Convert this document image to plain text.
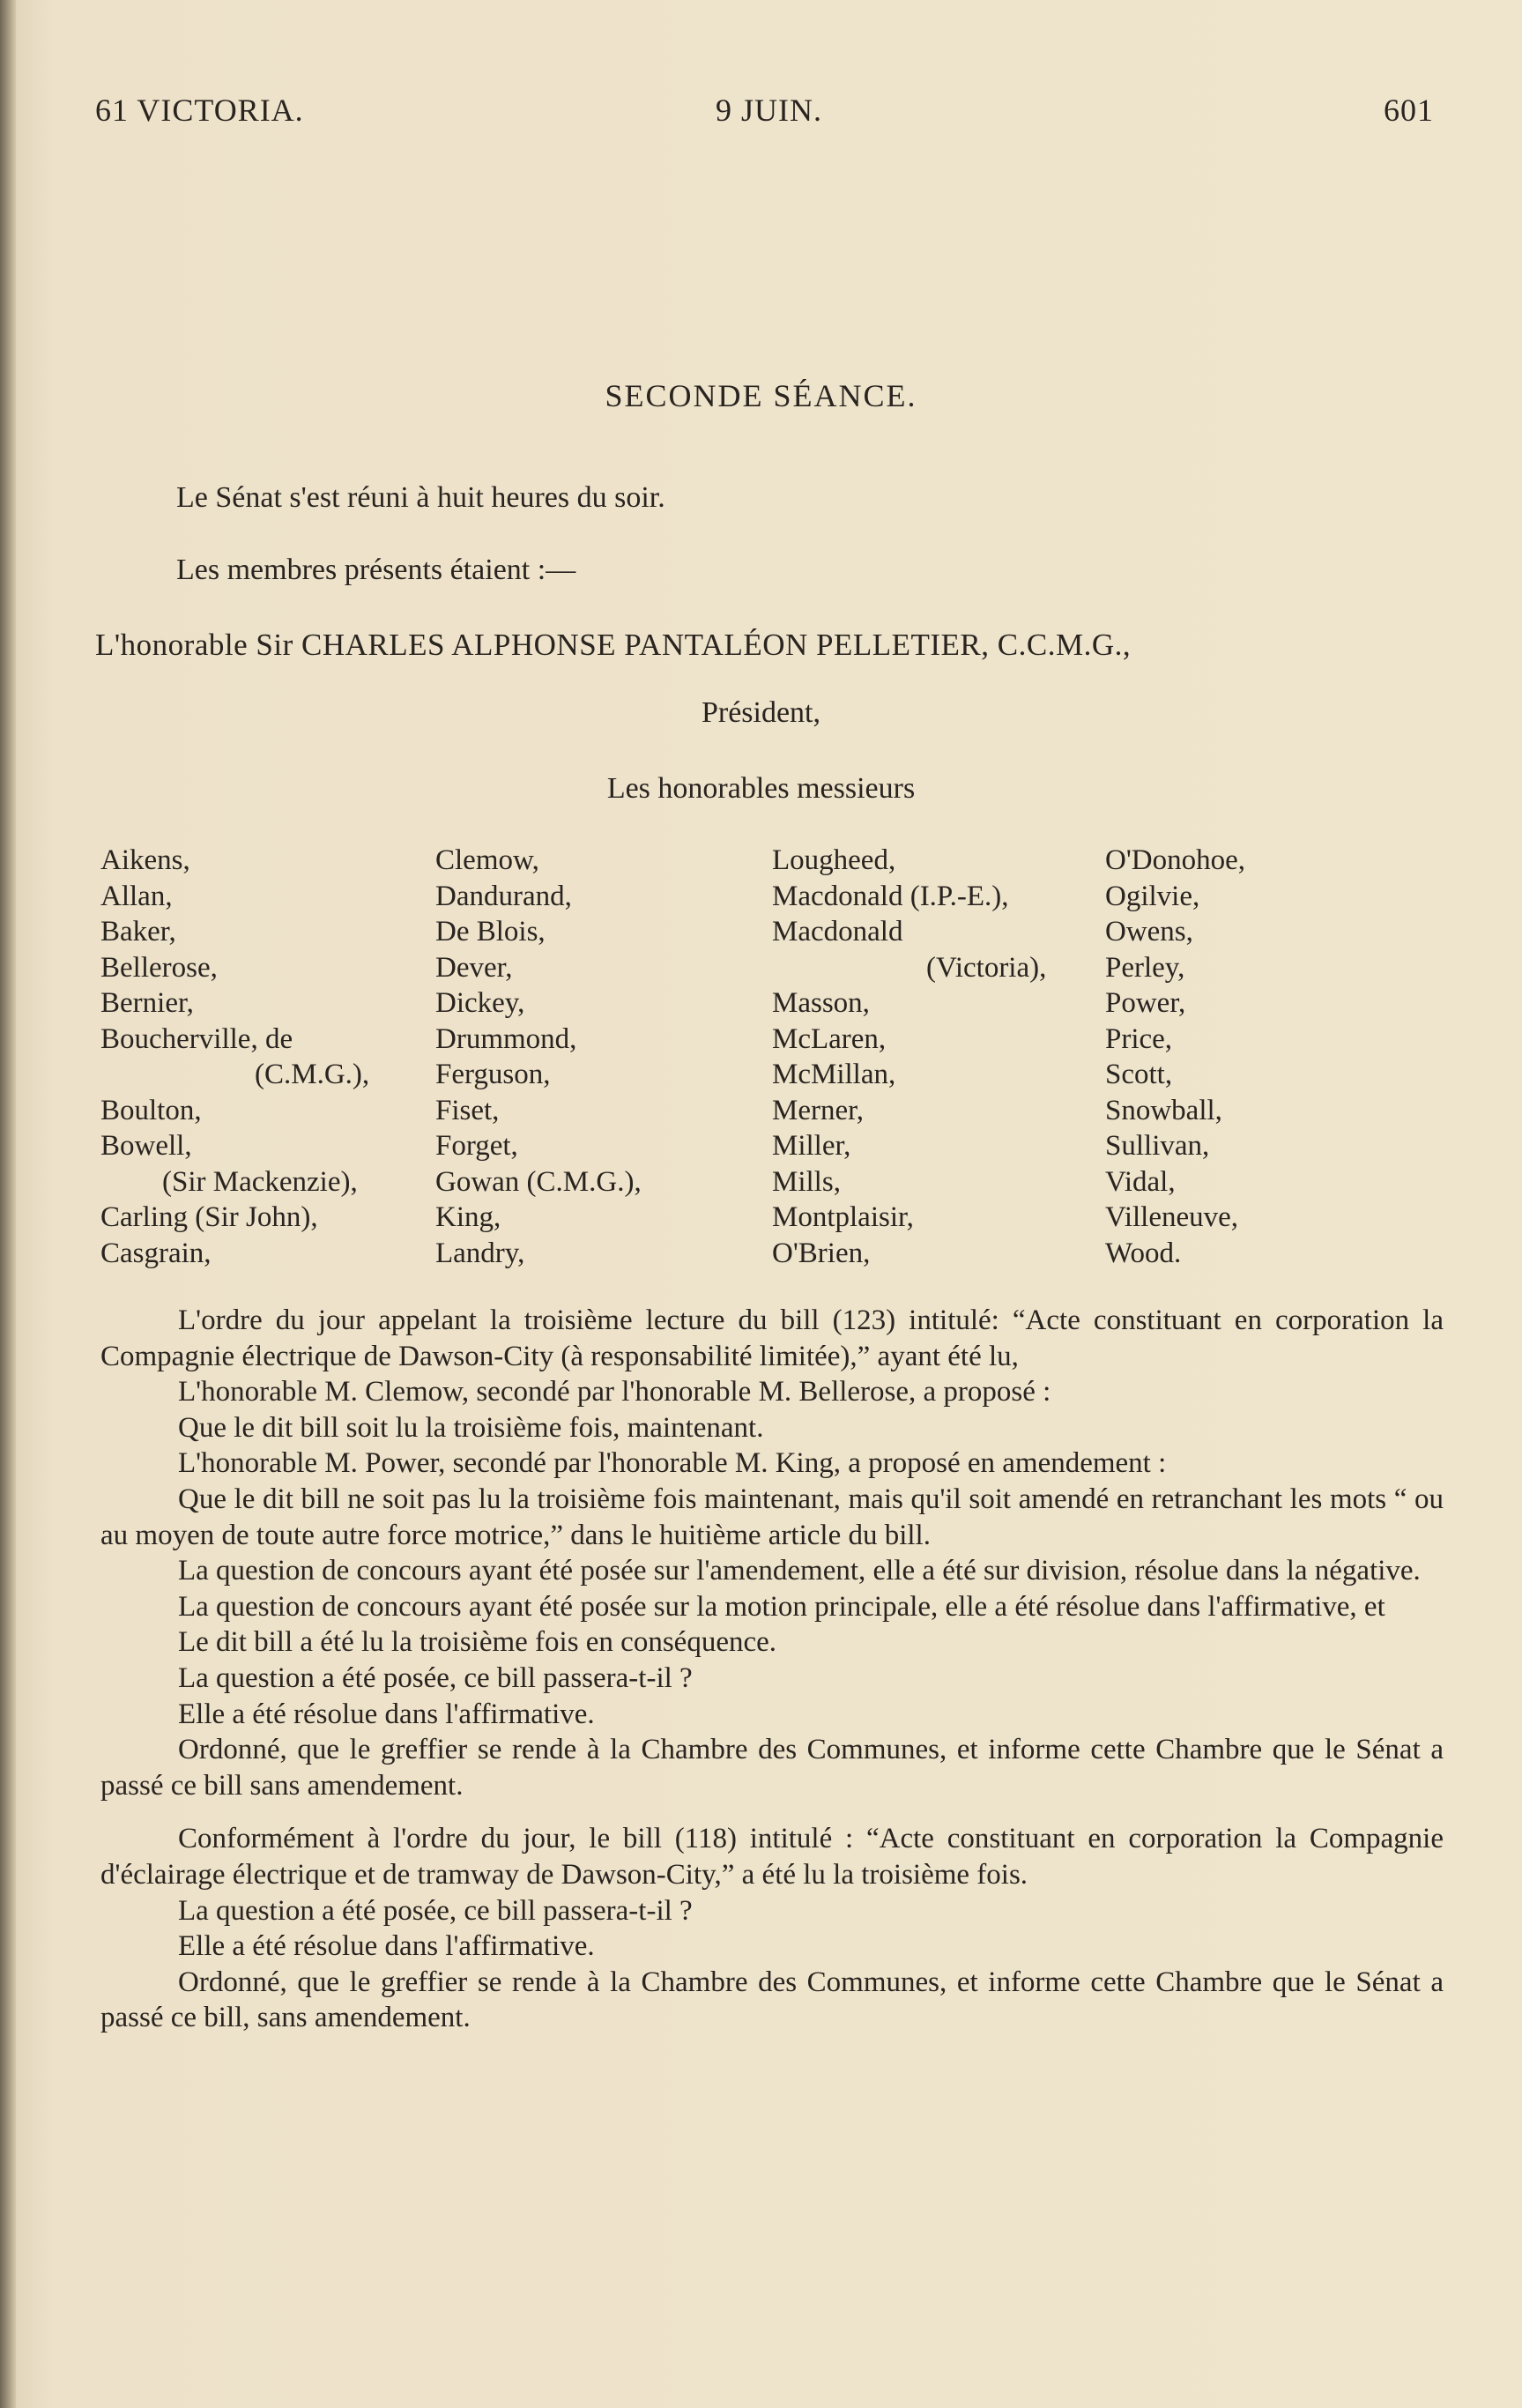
61 VICTORIA.	9 JUIN.	601
SECONDE SÉANCE.
Le Sénat s'est réuni à huit heures du soir.
Les membres présents étaient :—
L'honorable Sir CHARLES ALPHONSE PANTALÉON PELLETIER, C.C.M.G.,
Président,
Les honorables messieurs
Aikens,
Allan,
Baker,
Bellerose,
Bernier,
Boucherville, de
(C.M.G.),
Boulton,
Bowell,
(Sir Mackenzie),
Carling (Sir John),
Casgrain,
Clemow,
Dandurand,
De Blois,
Dever,
Dickey,
Drummond,
Ferguson,
Fiset,
Forget,
Gowan (C.M.G.),
King,
Landry,
Lougheed,
Macdonald (I.P.-E.),
Macdonald
(Victoria),
Masson,
McLaren,
McMillan,
Merner,
Miller,
Mills,
Montplaisir,
O'Brien,
O'Donohoe,
Ogilvie,
Owens,
Perley,
Power,
Price,
Scott,
Snowball,
Sullivan,
Vidal,
Villeneuve,
Wood.

L'ordre du jour appelant la troisième lecture du bill (123) intitulé: “Acte constituant en corporation la Compagnie électrique de Dawson-City (à responsabilité limitée),” ayant été lu,

L'honorable M. Clemow, secondé par l'honorable M. Bellerose, a proposé :

Que le dit bill soit lu la troisième fois, maintenant.

L'honorable M. Power, secondé par l'honorable M. King, a proposé en amendement :

Que le dit bill ne soit pas lu la troisième fois maintenant, mais qu'il soit amendé en retranchant les mots “ ou au moyen de toute autre force motrice,” dans le huitième article du bill.

La question de concours ayant été posée sur l'amendement, elle a été sur division, résolue dans la négative.

La question de concours ayant été posée sur la motion principale, elle a été résolue dans l'affirmative, et

Le dit bill a été lu la troisième fois en conséquence.

La question a été posée, ce bill passera-t-il ?

Elle a été résolue dans l'affirmative.

Ordonné, que le greffier se rende à la Chambre des Communes, et informe cette Chambre que le Sénat a passé ce bill sans amendement.

Conformément à l'ordre du jour, le bill (118) intitulé : “Acte constituant en corporation la Compagnie d'éclairage électrique et de tramway de Dawson-City,” a été lu la troisième fois.

La question a été posée, ce bill passera-t-il ?

Elle a été résolue dans l'affirmative.

Ordonné, que le greffier se rende à la Chambre des Communes, et informe cette Chambre que le Sénat a passé ce bill, sans amendement.
